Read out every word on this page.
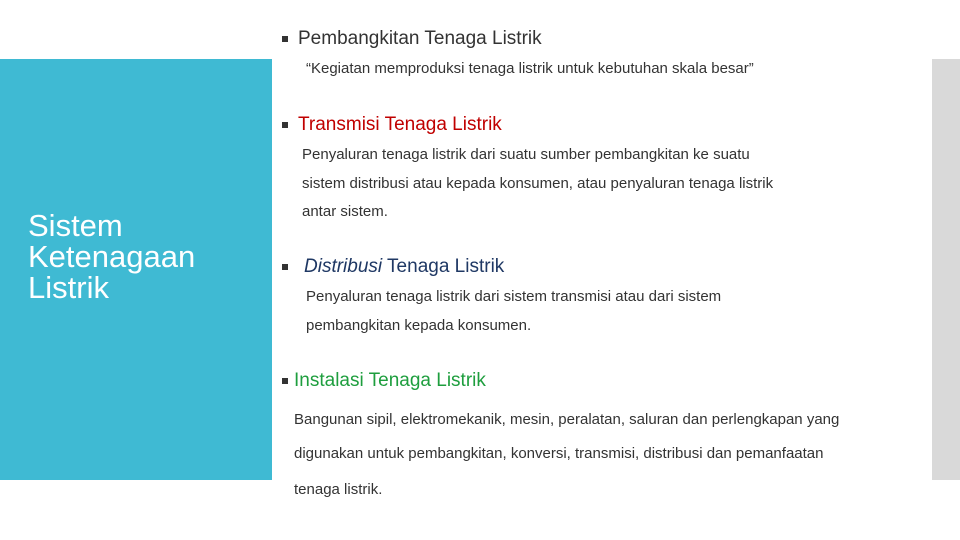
Sistem
Ketenagaan
Listrik
Pembangkitan Tenaga Listrik
“Kegiatan memproduksi tenaga listrik untuk kebutuhan skala besar”
Transmisi Tenaga Listrik
Penyaluran tenaga listrik dari suatu sumber pembangkitan ke suatu
sistem distribusi atau kepada konsumen, atau penyaluran tenaga listrik
antar sistem.
Distribusi Tenaga Listrik
Penyaluran tenaga listrik dari sistem transmisi atau dari sistem
pembangkitan kepada konsumen.
Instalasi Tenaga Listrik
Bangunan sipil, elektromekanik, mesin, peralatan, saluran dan perlengkapan yang
digunakan untuk pembangkitan, konversi, transmisi, distribusi dan pemanfaatan
tenaga listrik.
